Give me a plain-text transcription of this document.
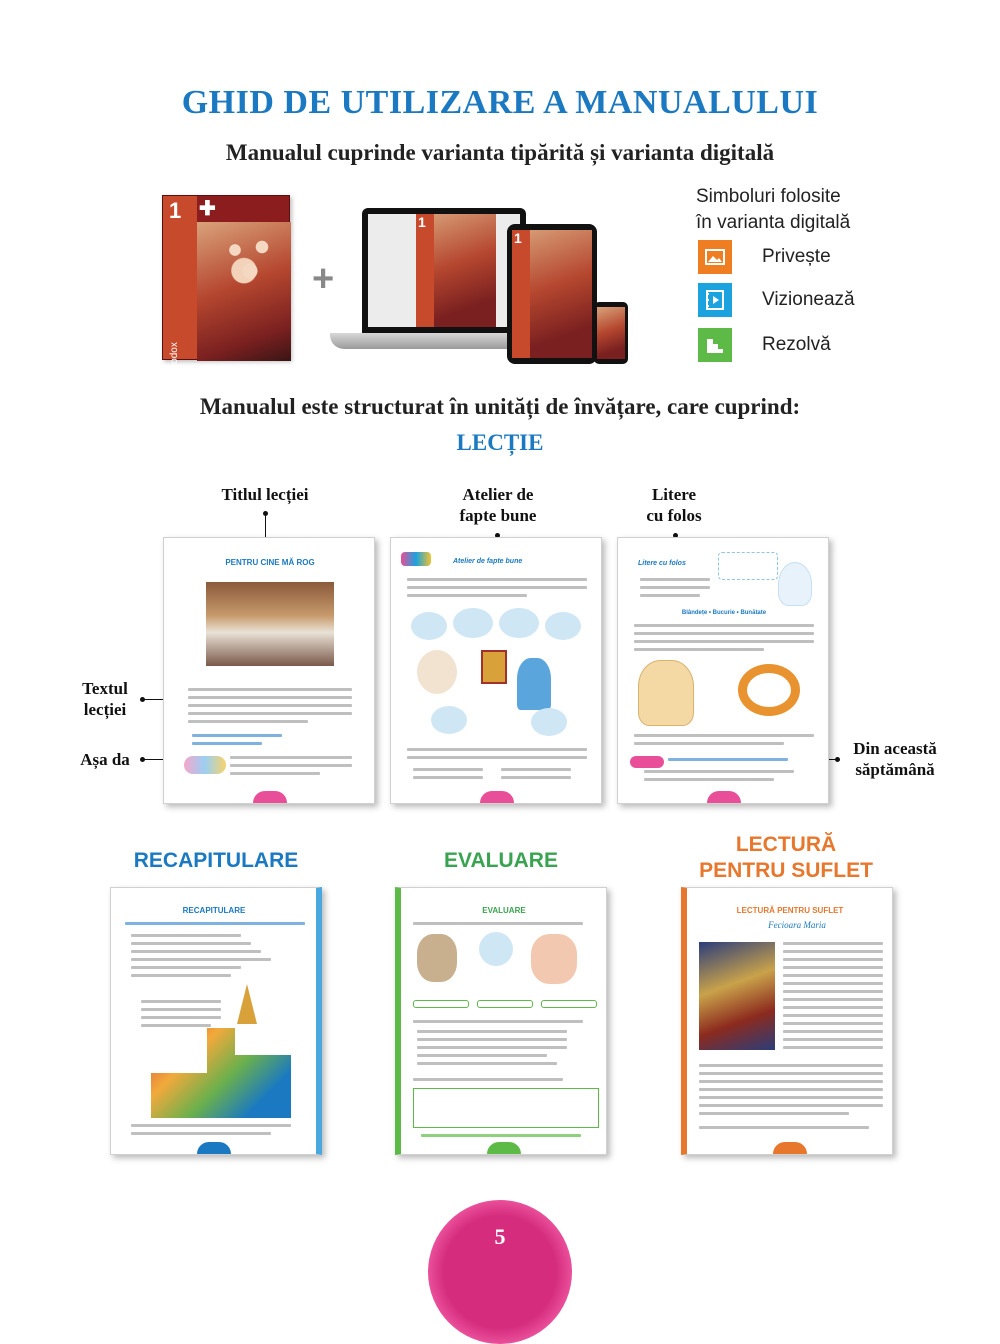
GHID DE UTILIZARE A MANUALULUI
Manualul cuprinde varianta tipărită și varianta digitală
1 ✚
Religie. Cultul ortodox
+
1
1
Simboluri folosite
în varianta digitală
Privește
Vizionează
Rezolvă
Manualul este structurat în unități de învățare, care cuprind:
LECȚIE
Titlul lecției	Atelier de
fapte bune
Litere
cu folos
Textul
lecției
Așa da
Din această
săptămână
PENTRU CINE MĂ ROG	Atelier de fapte bune	Litere cu folos
Blândețe • Bucurie • Bunătate
RECAPITULARE	EVALUARE
LECTURĂ
PENTRU SUFLET
RECAPITULARE	EVALUARE	LECTURĂ PENTRU SUFLET
Fecioara Maria
5
